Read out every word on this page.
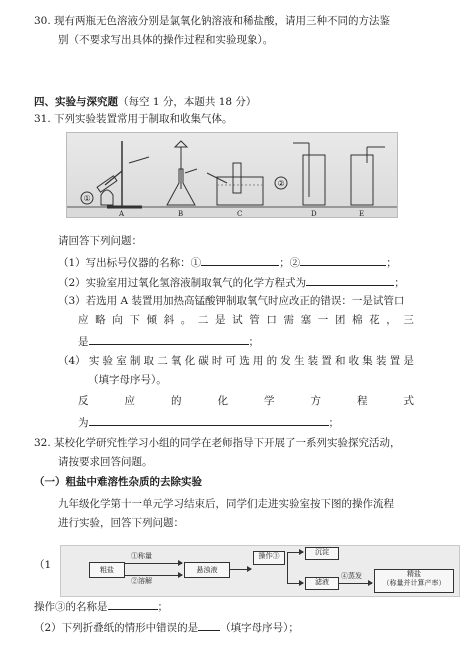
30. 现有两瓶无色溶液分别是氯氧化钠溶液和稀盐酸，请用三种不同的方法鉴
别（不要求写出具体的操作过程和实验现象）。
四、实验与深究题（每空 1 分，本题共 18 分）
31. 下列实验装置常用于制取和收集气体。
①
A	B	C
②
D	E
请回答下列问题：
（1）写出标号仪器的名称：①	；②	；
（2）实验室用过氧化氢溶液制取氧气的化学方程式为	；
（3）若选用 A 装置用加热高锰酸钾制取氧气时应改正的错误：一是试管口
应 略 向 下 倾 斜 。 二 是 试 管 口 需 塞 一 团 棉 花 ， 三
是	；
（4） 实 验 室 制 取 二 氧 化 碳 时 可 选 用 的 发 生 装 置 和 收 集 装 置 是
（填字母序号）。
反	应	的	化	学	方	程	式
为	；
32. 某校化学研究性学习小组的同学在老师指导下开展了一系列实验探究活动，
请按要求回答问题。
（一）粗盐中难溶性杂质的去除实验
九年级化学第十一单元学习结束后，同学们走进实验室按下图的操作流程
进行实验，回答下列问题：
（1	粗盐
①称量
②溶解
悬浊液
操作③	沉淀
滤液
④蒸发	精盐
（称量并计算产率）
操作③的名称是	；
（2）下列折叠纸的情形中错误的是 （填字母序号）；
